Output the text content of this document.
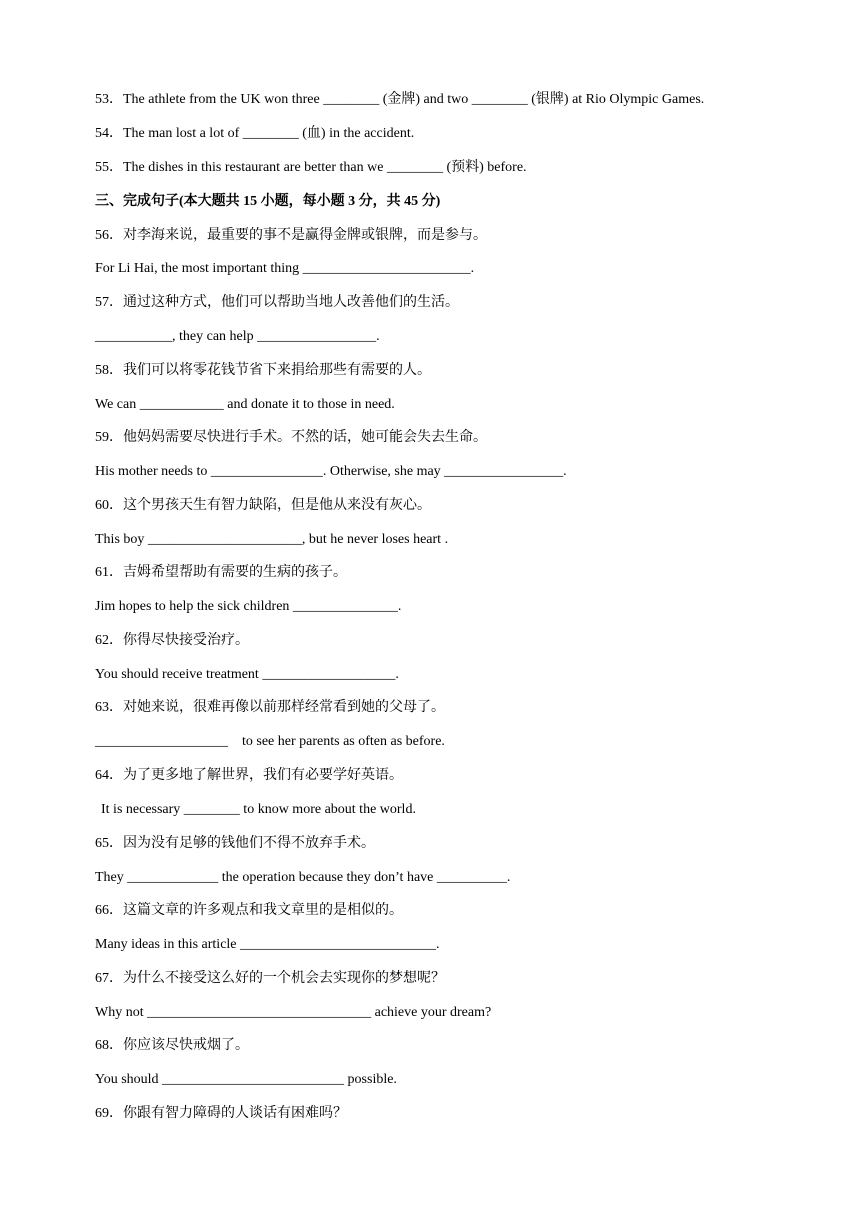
53．The athlete from the UK won three ________ (金牌) and two ________ (银牌) at Rio Olympic Games.
54．The man lost a lot of ________ (血) in the accident.
55．The dishes in this restaurant are better than we ________ (预料) before.
三、完成句子(本大题共 15 小题，每小题 3 分，共 45 分)
56．对李海来说，最重要的事不是赢得金牌或银牌，而是参与。
For Li Hai, the most important thing ________________________.
57．通过这种方式，他们可以帮助当地人改善他们的生活。
___________, they can help _________________.
58．我们可以将零花钱节省下来捐给那些有需要的人。
We can ____________ and donate it to those in need.
59．他妈妈需要尽快进行手术。不然的话，她可能会失去生命。
His mother needs to ________________. Otherwise, she may _________________.
60．这个男孩天生有智力缺陷，但是他从来没有灰心。
This boy ______________________, but he never loses heart .
61．吉姆希望帮助有需要的生病的孩子。
Jim hopes to help the sick children _______________.
62．你得尽快接受治疗。
You should receive treatment ___________________.
63．对她来说，很难再像以前那样经常看到她的父母了。
___________________    to see her parents as often as before.
64．为了更多地了解世界，我们有必要学好英语。
It is necessary ________ to know more about the world.
65．因为没有足够的钱他们不得不放弃手术。
They _____________ the operation because they don’t have __________.
66．这篇文章的许多观点和我文章里的是相似的。
Many ideas in this article ____________________________.
67．为什么不接受这么好的一个机会去实现你的梦想呢？
Why not ________________________________ achieve your dream?
68．你应该尽快戒烟了。
You should __________________________ possible.
69．你跟有智力障碍的人谈话有困难吗？
